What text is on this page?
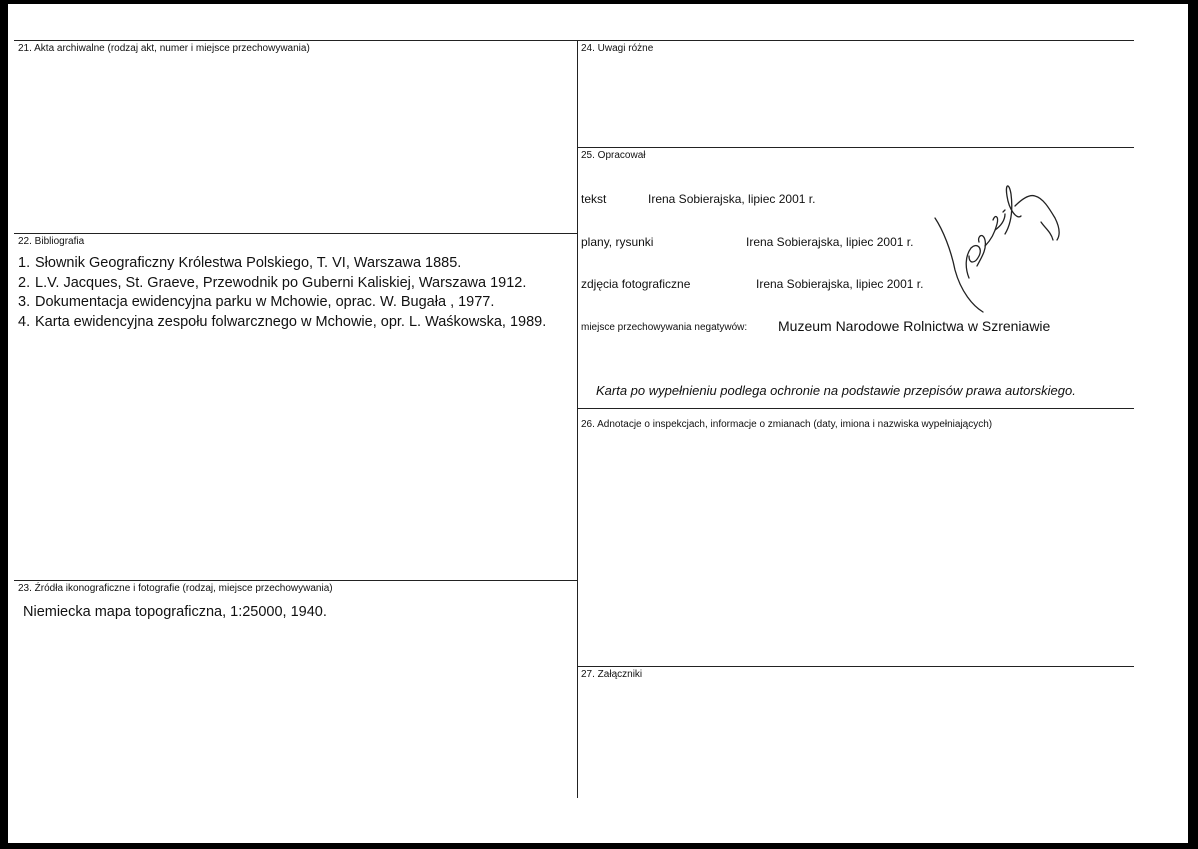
21. Akta archiwalne (rodzaj akt, numer i miejsce przechowywania)
22. Bibliografia
1. Słownik Geograficzny Królestwa Polskiego, T. VI, Warszawa 1885.
2. L.V. Jacques, St. Graeve, Przewodnik po Guberni Kaliskiej, Warszawa 1912.
3. Dokumentacja ewidencyjna parku w Mchowie, oprac. W. Bugała , 1977.
4. Karta ewidencyjna zespołu folwarcznego w Mchowie, opr. L. Waśkowska, 1989.
23. Źródła ikonograficzne i fotografie (rodzaj, miejsce przechowywania)
Niemiecka mapa topograficzna, 1:25000, 1940.
24. Uwagi różne
25. Opracował
tekst	Irena Sobierajska, lipiec 2001 r.
plany, rysunki	Irena Sobierajska, lipiec 2001 r.
zdjęcia fotograficzne	Irena Sobierajska, lipiec 2001 r.
miejsce przechowywania negatywów: Muzeum Narodowe Rolnictwa w Szreniawie
Karta po wypełnieniu podlega ochronie na podstawie przepisów prawa autorskiego.
26. Adnotacje o inspekcjach, informacje o zmianach (daty, imiona i nazwiska wypełniających)
27. Załączniki
